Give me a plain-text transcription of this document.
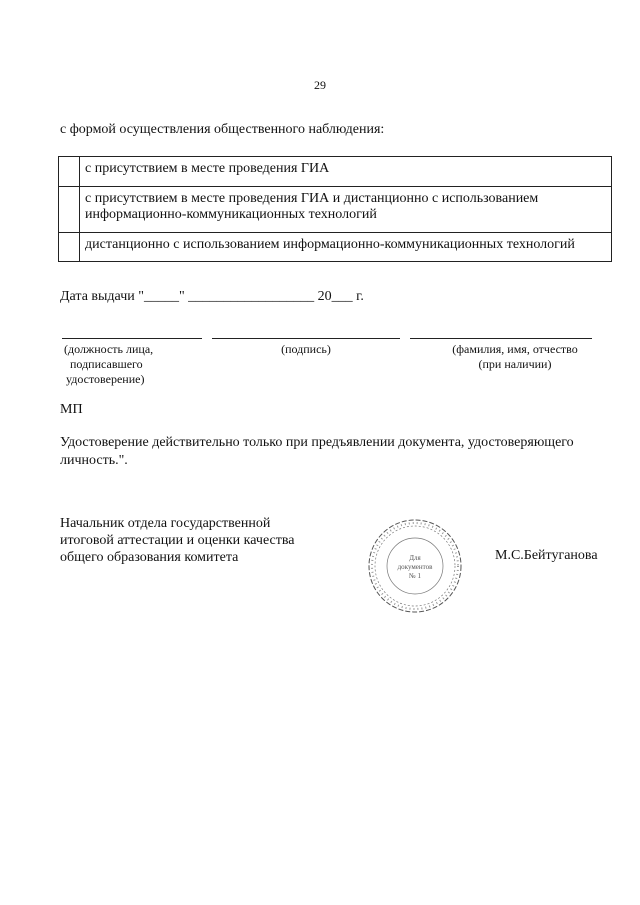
29
с формой осуществления общественного наблюдения:
с присутствием в месте проведения ГИА
с присутствием в месте проведения ГИА и дистанционно с использованием
информационно-коммуникационных технологий
дистанционно с использованием информационно-коммуникационных технологий
Дата выдачи "_____" __________________ 20___ г.
(должность лица,
подписавшего
удостоверение)
(подпись)	(фамилия, имя, отчество
(при наличии)
МП
Удостоверение действительно только при предъявлении документа, удостоверяющего
личность.".
Начальник отдела государственной
итоговой аттестации и оценки качества
общего образования комитета	Для
документов
№ 1
М.С.Бейтуганова
